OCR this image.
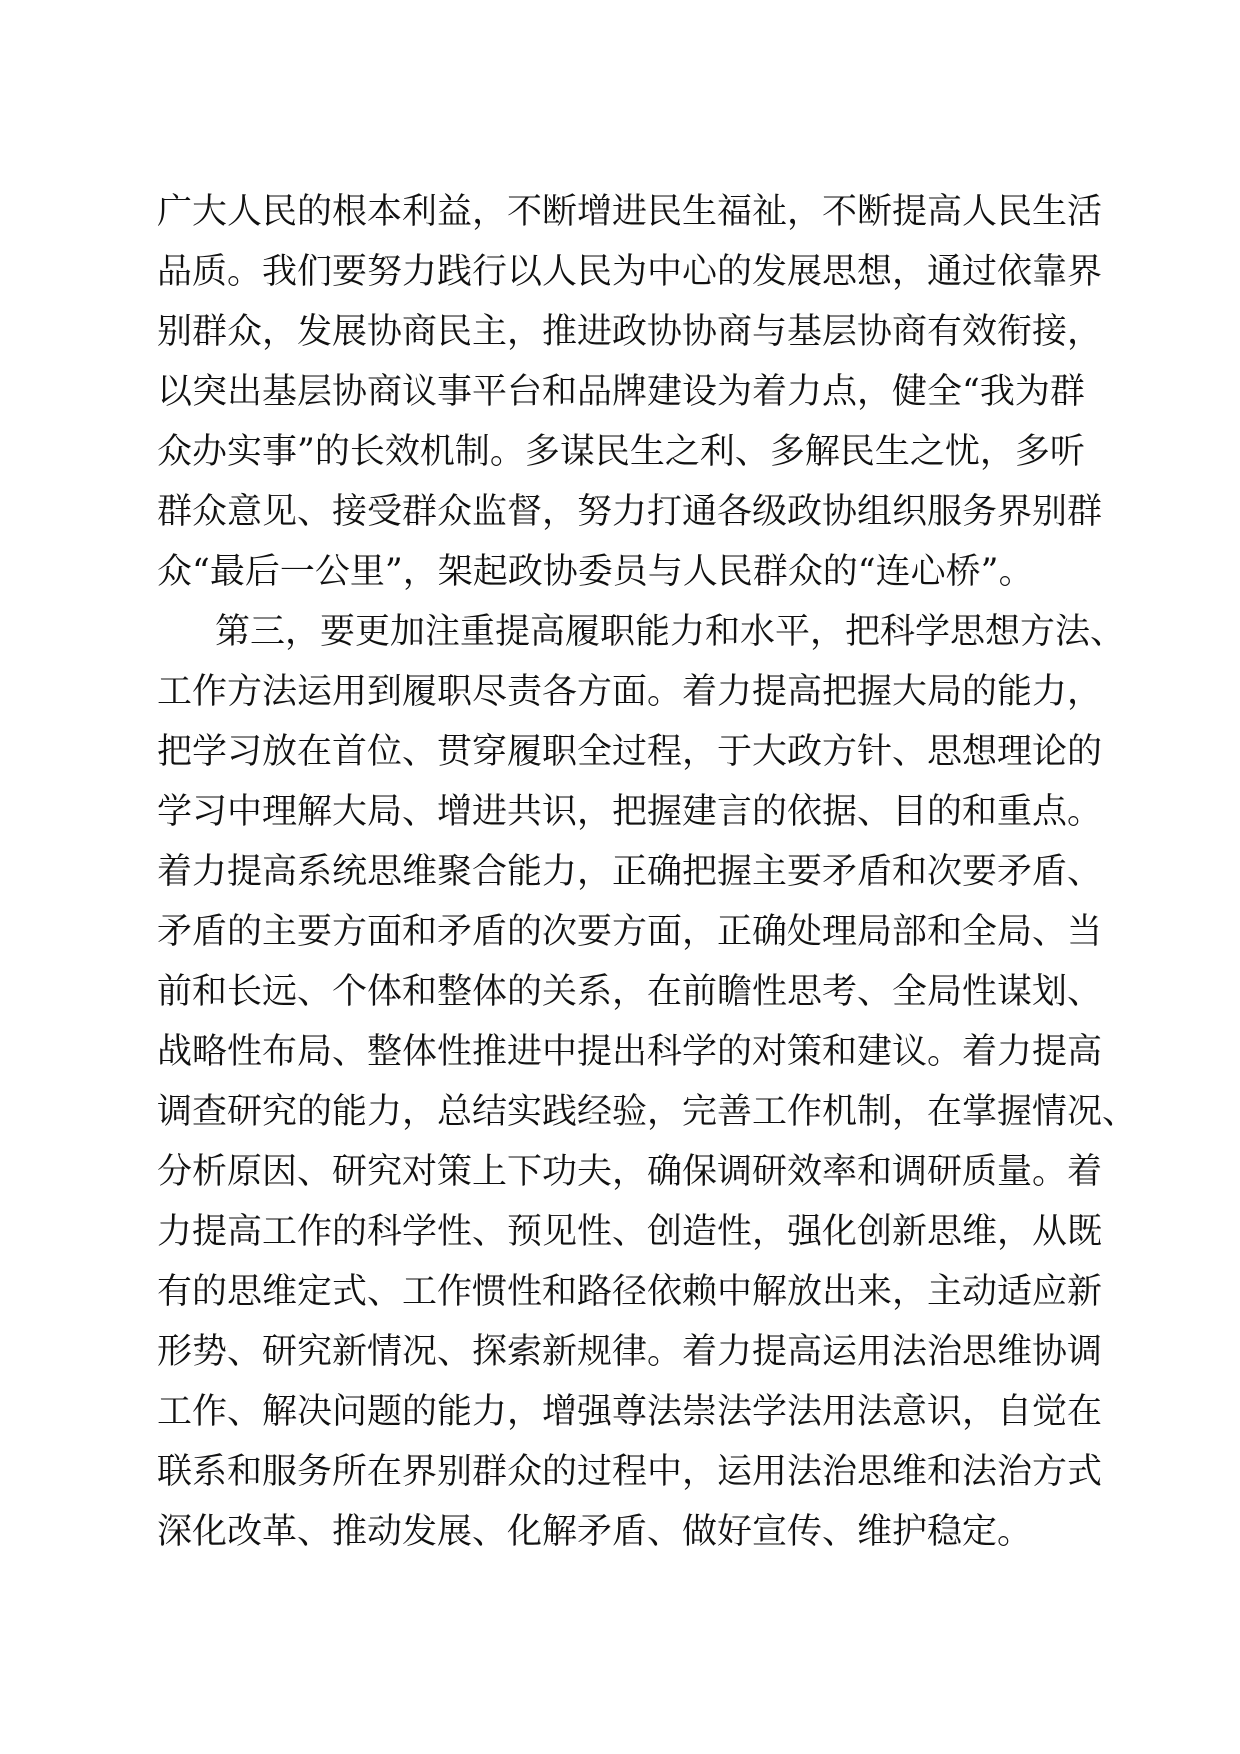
广大人民的根本利益，不断增进民生福祉，不断提高人民生活
品质。我们要努力践行以人民为中心的发展思想，通过依靠界
别群众，发展协商民主，推进政协协商与基层协商有效衔接，
以突出基层协商议事平台和品牌建设为着力点，健全“我为群
众办实事”的长效机制。多谋民生之利、多解民生之忧，多听
群众意见、接受群众监督，努力打通各级政协组织服务界别群
众“最后一公里”，架起政协委员与人民群众的“连心桥”。
第三，要更加注重提高履职能力和水平，把科学思想方法、
工作方法运用到履职尽责各方面。着力提高把握大局的能力，
把学习放在首位、贯穿履职全过程，于大政方针、思想理论的
学习中理解大局、增进共识，把握建言的依据、目的和重点。
着力提高系统思维聚合能力，正确把握主要矛盾和次要矛盾、
矛盾的主要方面和矛盾的次要方面，正确处理局部和全局、当
前和长远、个体和整体的关系，在前瞻性思考、全局性谋划、
战略性布局、整体性推进中提出科学的对策和建议。着力提高
调查研究的能力，总结实践经验，完善工作机制，在掌握情况、
分析原因、研究对策上下功夫，确保调研效率和调研质量。着
力提高工作的科学性、预见性、创造性，强化创新思维，从既
有的思维定式、工作惯性和路径依赖中解放出来，主动适应新
形势、研究新情况、探索新规律。着力提高运用法治思维协调
工作、解决问题的能力，增强尊法崇法学法用法意识，自觉在
联系和服务所在界别群众的过程中，运用法治思维和法治方式
深化改革、推动发展、化解矛盾、做好宣传、维护稳定。
